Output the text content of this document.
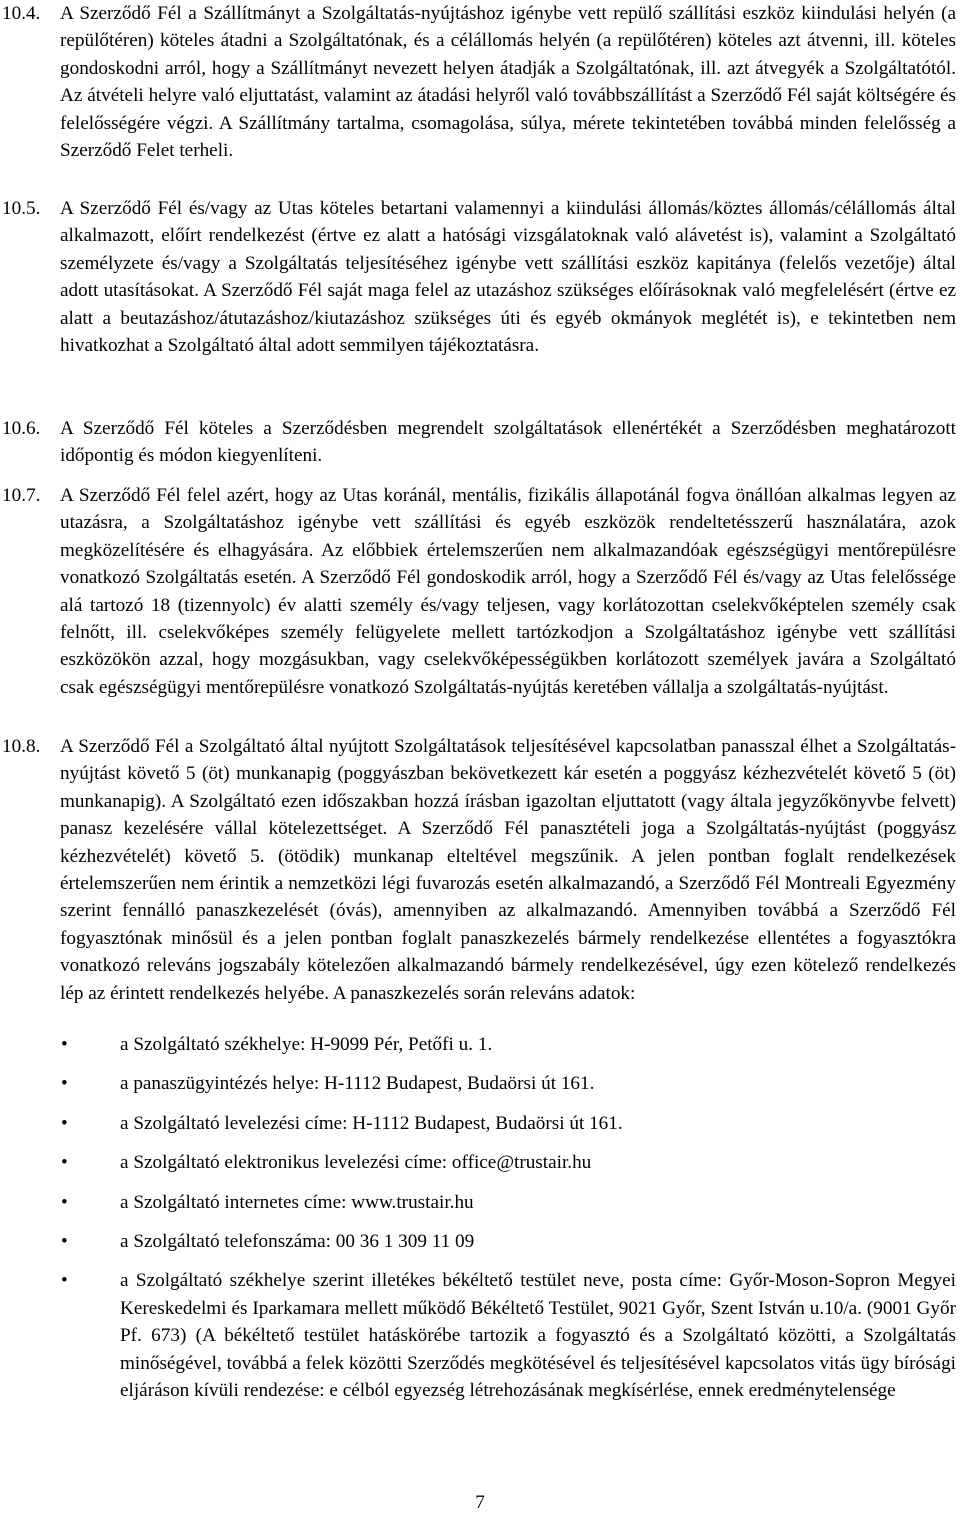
10.4. A Szerződő Fél a Szállítmányt a Szolgáltatás-nyújtáshoz igénybe vett repülő szállítási eszköz kiindulási helyén (a repülőtéren) köteles átadni a Szolgáltatónak, és a célállomás helyén (a repülőtéren) köteles azt átvenni, ill. köteles gondoskodni arról, hogy a Szállítmányt nevezett helyen átadják a Szolgáltatónak, ill. azt átvegyék a Szolgáltatótól. Az átvételi helyre való eljuttatást, valamint az átadási helyről való továbbszállítást a Szerződő Fél saját költségére és felelősségére végzi. A Szállítmány tartalma, csomagolása, súlya, mérete tekintetében továbbá minden felelősség a Szerződő Felet terheli.
10.5. A Szerződő Fél és/vagy az Utas köteles betartani valamennyi a kiindulási állomás/köztes állomás/célállomás által alkalmazott, előírt rendelkezést (értve ez alatt a hatósági vizsgálatoknak való alávetést is), valamint a Szolgáltató személyzete és/vagy a Szolgáltatás teljesítéséhez igénybe vett szállítási eszköz kapitánya (felelős vezetője) által adott utasításokat. A Szerződő Fél saját maga felel az utazáshoz szükséges előírásoknak való megfelelésért (értve ez alatt a beutazáshoz/átutazáshoz/kiutazáshoz szükséges úti és egyéb okmányok meglétét is), e tekintetben nem hivatkozhat a Szolgáltató által adott semmilyen tájékoztatásra.
10.6. A Szerződő Fél köteles a Szerződésben megrendelt szolgáltatások ellenértékét a Szerződésben meghatározott időpontig és módon kiegyenlíteni.
10.7. A Szerződő Fél felel azért, hogy az Utas koránál, mentális, fizikális állapotánál fogva önállóan alkalmas legyen az utazásra, a Szolgáltatáshoz igénybe vett szállítási és egyéb eszközök rendeltetésszerű használatára, azok megközelítésére és elhagyására. Az előbbiek értelemszerűen nem alkalmazandóak egészségügyi mentőrepülésre vonatkozó Szolgáltatás esetén. A Szerződő Fél gondoskodik arról, hogy a Szerződő Fél és/vagy az Utas felelőssége alá tartozó 18 (tizennyolc) év alatti személy és/vagy teljesen, vagy korlátozottan cselekvőképtelen személy csak felnőtt, ill. cselekvőképes személy felügyelete mellett tartózkodjon a Szolgáltatáshoz igénybe vett szállítási eszközökön azzal, hogy mozgásukban, vagy cselekvőképességükben korlátozott személyek javára a Szolgáltató csak egészségügyi mentőrepülésre vonatkozó Szolgáltatás-nyújtás keretében vállalja a szolgáltatás-nyújtást.
10.8. A Szerződő Fél a Szolgáltató által nyújtott Szolgáltatások teljesítésével kapcsolatban panasszal élhet a Szolgáltatás-nyújtást követő 5 (öt) munkanapig (poggyászban bekövetkezett kár esetén a poggyász kézhezvételét követő 5 (öt) munkanapig). A Szolgáltató ezen időszakban hozzá írásban igazoltan eljuttatott (vagy általa jegyzőkönyvbe felvett) panasz kezelésére vállal kötelezettséget. A Szerződő Fél panasztételi joga a Szolgáltatás-nyújtást (poggyász kézhezvételét) követő 5. (ötödik) munkanap elteltével megszűnik. A jelen pontban foglalt rendelkezések értelemszerűen nem érintik a nemzetközi légi fuvarozás esetén alkalmazandó, a Szerződő Fél Montreali Egyezmény szerint fennálló panaszkezelését (óvás), amennyiben az alkalmazandó. Amennyiben továbbá a Szerződő Fél fogyasztónak minősül és a jelen pontban foglalt panaszkezelés bármely rendelkezése ellentétes a fogyasztókra vonatkozó releváns jogszabály kötelezően alkalmazandó bármely rendelkezésével, úgy ezen kötelező rendelkezés lép az érintett rendelkezés helyébe. A panaszkezelés során releváns adatok:
•	a Szolgáltató székhelye: H-9099 Pér, Petőfi u. 1.
•	a panaszügyintézés helye: H-1112 Budapest, Budaörsi út 161.
•	a Szolgáltató levelezési címe: H-1112 Budapest, Budaörsi út 161.
•	a Szolgáltató elektronikus levelezési címe: office@trustair.hu
•	a Szolgáltató internetes címe: www.trustair.hu
•	a Szolgáltató telefonszáma: 00 36 1 309 11 09
•	a Szolgáltató székhelye szerint illetékes békéltető testület neve, posta címe: Győr-Moson-Sopron Megyei Kereskedelmi és Iparkamara mellett működő Békéltető Testület, 9021 Győr, Szent István u.10/a. (9001 Győr Pf. 673) (A békéltető testület hatáskörébe tartozik a fogyasztó és a Szolgáltató közötti, a Szolgáltatás minőségével, továbbá a felek közötti Szerződés megkötésével és teljesítésével kapcsolatos vitás ügy bírósági eljáráson kívüli rendezése: e célból egyezség létrehozásának megkísérlése, ennek eredménytelensége
7
